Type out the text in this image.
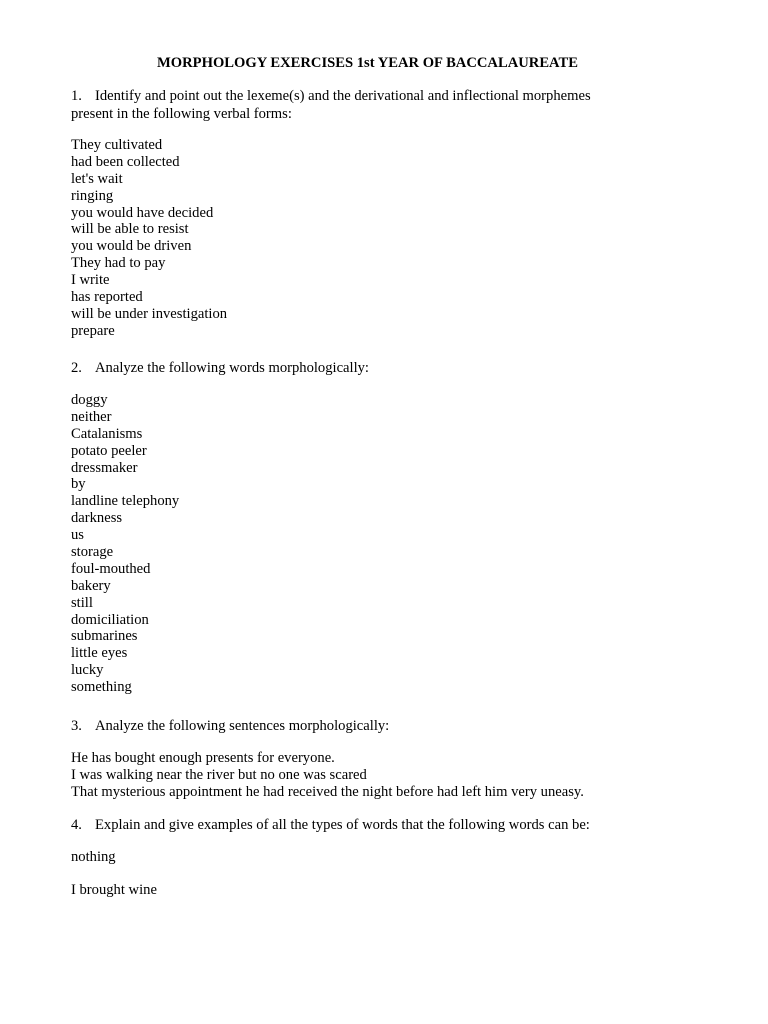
MORPHOLOGY EXERCISES 1st YEAR OF BACCALAUREATE
1. Identify and point out the lexeme(s) and the derivational and inflectional morphemes
present in the following verbal forms:
They cultivated
had been collected
let's wait
ringing
you would have decided
will be able to resist
you would be driven
They had to pay
I write
has reported
will be under investigation
prepare
2. Analyze the following words morphologically:
doggy
neither
Catalanisms
potato peeler
dressmaker
by
landline telephony
darkness
us
storage
foul-mouthed
bakery
still
domiciliation
submarines
little eyes
lucky
something
3. Analyze the following sentences morphologically:
He has bought enough presents for everyone.
I was walking near the river but no one was scared
That mysterious appointment he had received the night before had left him very uneasy.
4. Explain and give examples of all the types of words that the following words can be:
nothing
I brought wine
